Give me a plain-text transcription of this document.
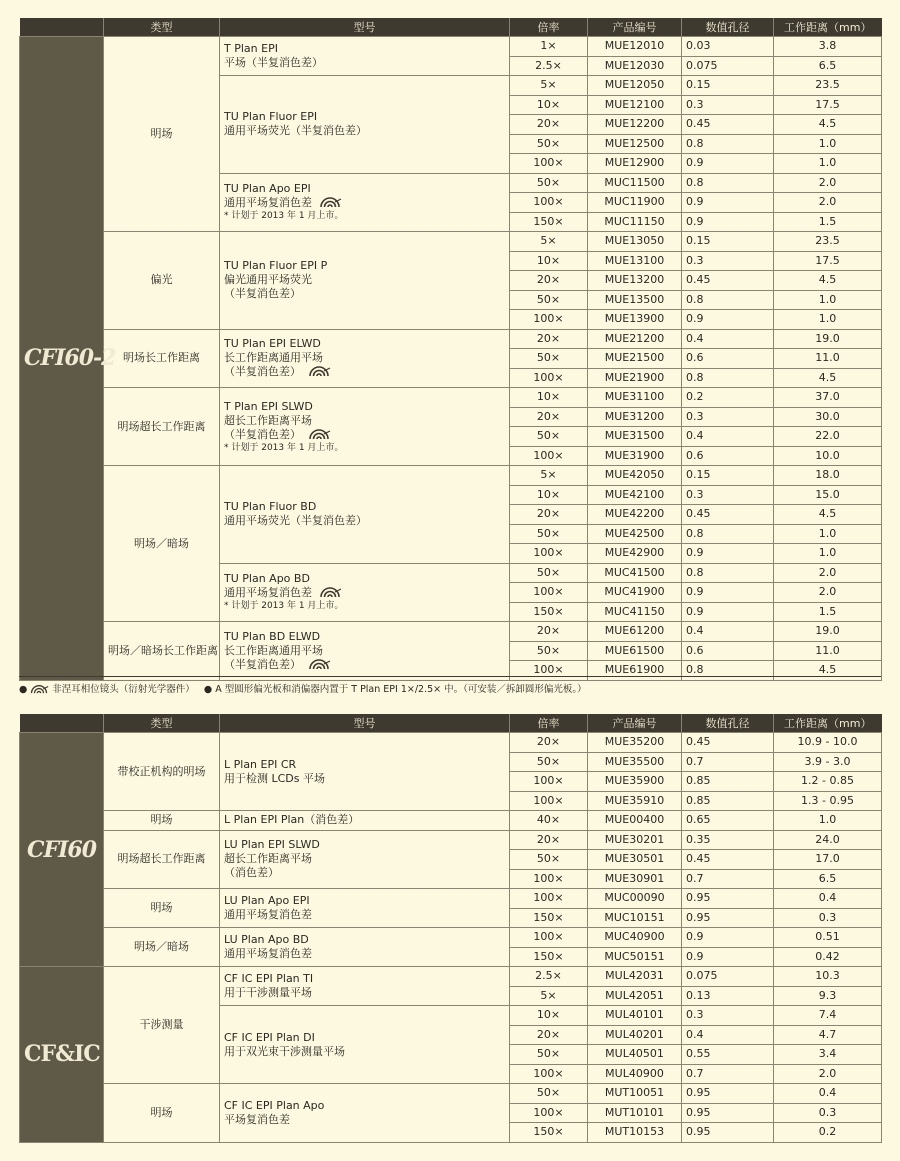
	类型	型号	倍率	产品编号	数值孔径	工作距离（mm）
CFI60-2	明场	T Plan EPI
平场（半复消色差）	1×	MUE12010	0.03	3.8
			2.5×	MUE12030	0.075	6.5

		TU Plan Fluor EPI
通用平场荧光（半复消色差）	5×	MUE12050	0.15	23.5
			10×	MUE12100	0.3	17.5
			20×	MUE12200	0.45	4.5
			50×	MUE12500	0.8	1.0
			100×	MUE12900	0.9	1.0

		TU Plan Apo EPI
通用平场复消色差
* 计划于 2013 年 1 月上市。	50×	MUC11500	0.8	2.0
			100×	MUC11900	0.9	2.0
			150×	MUC11150	0.9	1.5
	偏光	TU Plan Fluor EPI P
偏光通用平场荧光
（半复消色差）	5×	MUE13050	0.15	23.5
			10×	MUE13100	0.3	17.5
			20×	MUE13200	0.45	4.5
			50×	MUE13500	0.8	1.0
			100×	MUE13900	0.9	1.0
	明场长工作距离	TU Plan EPI ELWD
长工作距离通用平场
（半复消色差）	20×	MUE21200	0.4	19.0
			50×	MUE21500	0.6	11.0
			100×	MUE21900	0.8	4.5
	明场超长工作距离	T Plan EPI SLWD
超长工作距离平场
（半复消色差）
* 计划于 2013 年 1 月上市。	10×	MUE31100	0.2	37.0
			20×	MUE31200	0.3	30.0
			50×	MUE31500	0.4	22.0
			100×	MUE31900	0.6	10.0
	明场／暗场	TU Plan Fluor BD
通用平场荧光（半复消色差）	5×	MUE42050	0.15	18.0
			10×	MUE42100	0.3	15.0
			20×	MUE42200	0.45	4.5
			50×	MUE42500	0.8	1.0
			100×	MUE42900	0.9	1.0

		TU Plan Apo BD
通用平场复消色差
* 计划于 2013 年 1 月上市。	50×	MUC41500	0.8	2.0
			100×	MUC41900	0.9	2.0
			150×	MUC41150	0.9	1.5
	明场／暗场长工作距离	TU Plan BD ELWD
长工作距离通用平场
（半复消色差）	20×	MUE61200	0.4	19.0
			50×	MUE61500	0.6	11.0
			100×	MUE61900	0.8	4.5
●	非涅耳相位镜头（衍射光学器件） ● A 型圆形偏光板和消偏器内置于 T Plan EPI 1×/2.5× 中。（可安装／拆卸圆形偏光板。）
	类型	型号	倍率	产品编号	数值孔径	工作距离（mm）
CFI60	带校正机构的明场	L Plan EPI CR
用于检测 LCDs 平场	20×	MUE35200	0.45	10.9 - 10.0
			50×	MUE35500	0.7	3.9 - 3.0
			100×	MUE35900	0.85	1.2 - 0.85
			100×	MUE35910	0.85	1.3 - 0.95
	明场	L Plan EPI Plan（消色差）	40×	MUE00400	0.65	1.0
	明场超长工作距离	LU Plan EPI SLWD
超长工作距离平场
（消色差）	20×	MUE30201	0.35	24.0
			50×	MUE30501	0.45	17.0
			100×	MUE30901	0.7	6.5
	明场	LU Plan Apo EPI
通用平场复消色差	100×	MUC00090	0.95	0.4
			150×	MUC10151	0.95	0.3
	明场／暗场	LU Plan Apo BD
通用平场复消色差	100×	MUC40900	0.9	0.51
			150×	MUC50151	0.9	0.42
CF&IC	干涉测量	CF IC EPI Plan TI
用于干涉测量平场	2.5×	MUL42031	0.075	10.3
			5×	MUL42051	0.13	9.3

		CF IC EPI Plan DI
用于双光束干涉测量平场	10×	MUL40101	0.3	7.4
			20×	MUL40201	0.4	4.7
			50×	MUL40501	0.55	3.4
			100×	MUL40900	0.7	2.0
	明场	CF IC EPI Plan Apo
平场复消色差	50×	MUT10051	0.95	0.4
			100×	MUT10101	0.95	0.3
			150×	MUT10153	0.95	0.2
